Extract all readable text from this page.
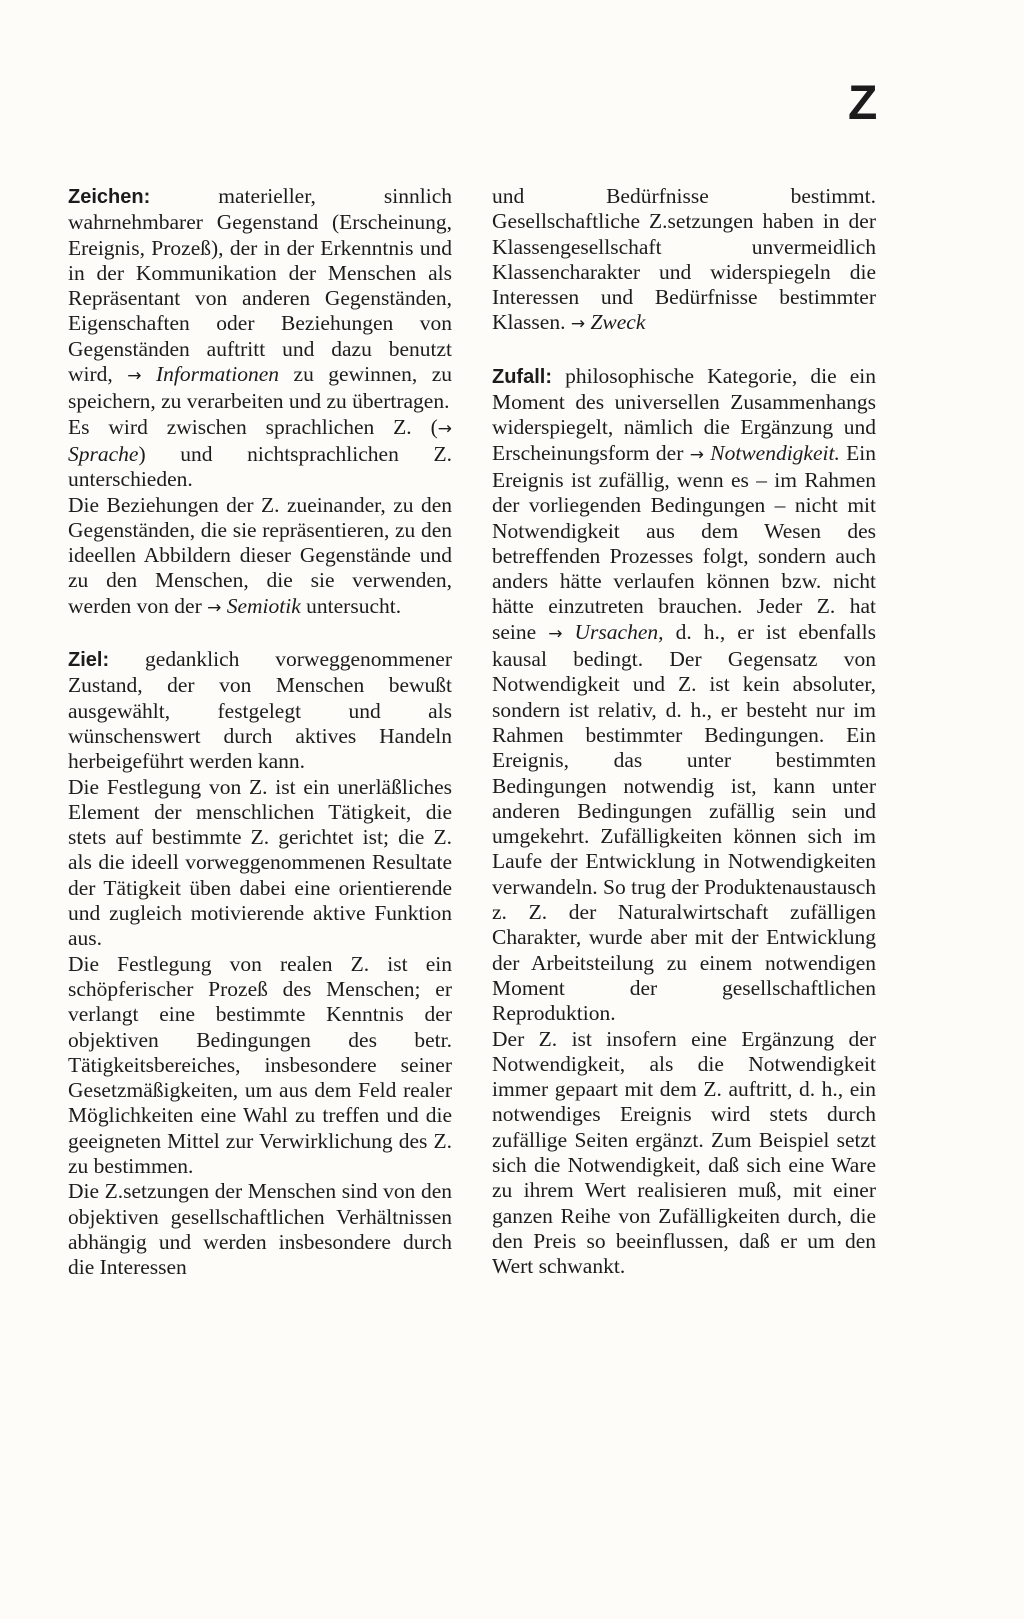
Z

Zeichen:	materieller, sinnlich wahrnehmbarer Gegenstand (Erscheinung, Ereignis, Prozeß), der in der Erkenntnis und in der Kommunikation der Menschen als Repräsentant von anderen Gegenständen, Eigenschaften oder Beziehungen von Gegenständen auftritt und dazu benutzt wird, → Informationen zu gewinnen, zu speichern, zu verarbeiten und zu übertragen.

Es wird zwischen sprachlichen Z. (→ Sprache) und nichtsprachlichen Z. unterschieden.

Die Beziehungen der Z. zueinander, zu den Gegenständen, die sie repräsentieren, zu den ideellen Abbildern dieser Gegenstände und zu den Menschen, die sie verwenden, werden von der → Semiotik untersucht.

Ziel: gedanklich vorweggenommener Zustand, der von Menschen bewußt ausgewählt, festgelegt und als wünschenswert durch aktives Handeln herbeigeführt werden kann.

Die Festlegung von Z. ist ein unerläßliches Element der menschlichen Tätigkeit, die stets auf bestimmte Z. gerichtet ist; die Z. als die ideell vorweggenommenen Resultate der Tätigkeit üben dabei eine orientierende und zugleich motivierende aktive Funktion aus.

Die Festlegung von realen Z. ist ein schöpferischer Prozeß des Menschen; er verlangt eine bestimmte Kenntnis der objektiven Bedingungen des betr. Tätigkeitsbereiches, insbesondere seiner Gesetzmäßigkeiten, um aus dem Feld realer Möglichkeiten eine Wahl zu treffen und die geeigneten Mittel zur Verwirklichung des Z. zu bestimmen.

Die Z.setzungen der Menschen sind von den objektiven gesellschaftlichen Verhältnissen abhängig und werden insbesondere durch die Interessen

und Bedürfnisse bestimmt. Gesellschaftliche Z.setzungen haben in der Klassengesellschaft unvermeidlich Klassencharakter und widerspiegeln die Interessen und Bedürfnisse bestimmter Klassen. → Zweck

Zufall: philosophische Kategorie, die ein Moment des universellen Zusammenhangs widerspiegelt, nämlich die Ergänzung und Erscheinungsform der → Notwendigkeit. Ein Ereignis ist zufällig, wenn es – im Rahmen der vorliegenden Bedingungen – nicht mit Notwendigkeit aus dem Wesen des betreffenden Prozesses folgt, sondern auch anders hätte verlaufen können bzw. nicht hätte einzutreten brauchen. Jeder Z. hat seine → Ursachen, d. h., er ist ebenfalls kausal bedingt. Der Gegensatz von Notwendigkeit und Z. ist kein absoluter, sondern ist relativ, d. h., er besteht nur im Rahmen bestimmter Bedingungen. Ein Ereignis, das unter bestimmten Bedingungen notwendig ist, kann unter anderen Bedingungen zufällig sein und umgekehrt. Zufälligkeiten können sich im Laufe der Entwicklung in Notwendigkeiten verwandeln. So trug der Produktenaustausch z. Z. der Naturalwirtschaft zufälligen Charakter, wurde aber mit der Entwicklung der Arbeitsteilung zu einem notwendigen Moment der gesellschaftlichen Reproduktion.

Der Z. ist insofern eine Ergänzung der Notwendigkeit, als die Notwendigkeit immer gepaart mit dem Z. auftritt, d. h., ein notwendiges Ereignis wird stets durch zufällige Seiten ergänzt. Zum Beispiel setzt sich die Notwendigkeit, daß sich eine Ware zu ihrem Wert realisieren muß, mit einer ganzen Reihe von Zufälligkeiten durch, die den Preis so beeinflussen, daß er um den Wert schwankt.
